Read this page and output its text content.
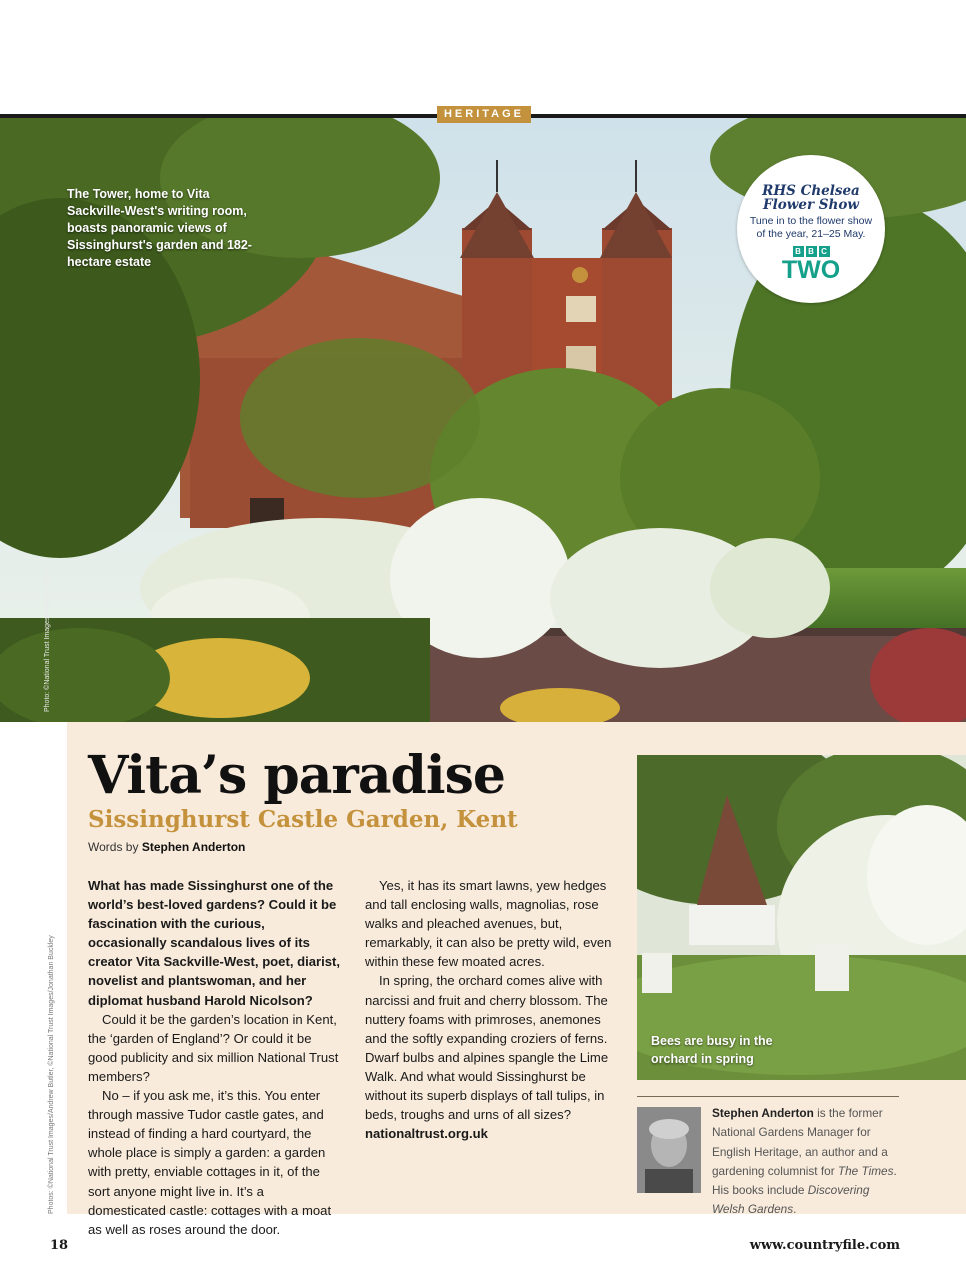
HERITAGE
The Tower, home to Vita Sackville-West's writing room, boasts panoramic views of Sissinghurst's garden and 182-hectare estate
Photo: ©National Trust Images/Andrew Butler
RHS Chelsea Flower Show
Tune in to the flower show of the year, 21–25 May.
B B C
TWO
Vita’s paradise
Sissinghurst Castle Garden, Kent
Words by Stephen Anderton

What has made Sissinghurst one of the world’s best-loved gardens? Could it be fascination with the curious, occasionally scandalous lives of its creator Vita Sackville-West, poet, diarist, novelist and plantswoman, and her diplomat husband Harold Nicolson?

Could it be the garden’s location in Kent, the ‘garden of England’? Or could it be good publicity and six million National Trust members?

No – if you ask me, it’s this. You enter through massive Tudor castle gates, and instead of finding a hard courtyard, the whole place is simply a garden: a garden with pretty, enviable cottages in it, of the sort anyone might live in. It’s a domesticated castle: cottages with a moat as well as roses around the door.

Yes, it has its smart lawns, yew hedges and tall enclosing walls, magnolias, rose walks and pleached avenues, but, remarkably, it can also be pretty wild, even within these few moated acres.

In spring, the orchard comes alive with narcissi and fruit and cherry blossom. The nuttery foams with primroses, anemones and the softly expanding croziers of ferns. Dwarf bulbs and alpines spangle the Lime Walk. And what would Sissinghurst be without its superb displays of tall tulips, in beds, troughs and urns of all sizes? nationaltrust.org.uk

Photos: ©National Trust Images/Andrew Butler, ©National Trust Images/Jonathan Buckley	Bees are busy in the orchard in spring
Stephen Anderton is the former National Gardens Manager for English Heritage, an author and a gardening columnist for The Times. His books include Discovering Welsh Gardens.
18	www.countryfile.com
